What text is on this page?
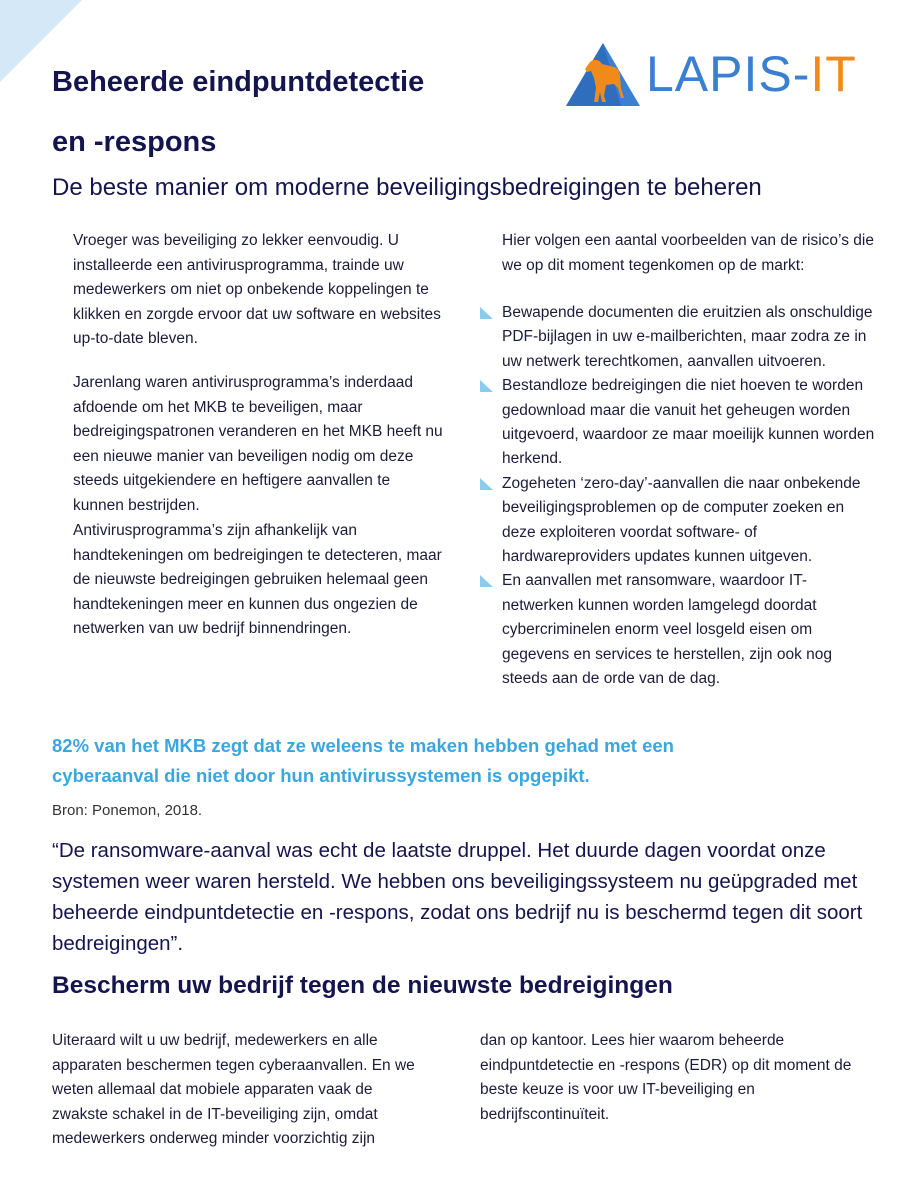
Beheerde eindpuntdetectie
en -respons
LAPIS-IT
De beste manier om moderne beveiligingsbedreigingen te beheren

Vroeger was beveiliging zo lekker eenvoudig. U installeerde een antivirusprogramma, trainde uw medewerkers om niet op onbekende koppelingen te klikken en zorgde ervoor dat uw software en websites up-to-date bleven.

Jarenlang waren antivirusprogramma’s inderdaad afdoende om het MKB te beveiligen, maar bedreigingspatronen veranderen en het MKB heeft nu een nieuwe manier van beveiligen nodig om deze steeds uitgekiendere en heftigere aanvallen te kunnen bestrijden.

Antivirusprogramma’s zijn afhankelijk van handtekeningen om bedreigingen te detecteren, maar de nieuwste bedreigingen gebruiken helemaal geen handtekeningen meer en kunnen dus ongezien de netwerken van uw bedrijf binnendringen.

Hier volgen een aantal voorbeelden van de risico’s die we op dit moment tegenkomen op de markt:

Bewapende documenten die eruitzien als onschuldige PDF-bijlagen in uw e-mailberichten, maar zodra ze in uw netwerk terechtkomen, aanvallen uitvoeren.
Bestandloze bedreigingen die niet hoeven te worden gedownload maar die vanuit het geheugen worden uitgevoerd, waardoor ze maar moeilijk kunnen worden herkend.
Zogeheten ‘zero-day’-aanvallen die naar onbekende beveiligingsproblemen op de computer zoeken en deze exploiteren voordat software- of hardwareproviders updates kunnen uitgeven.
En aanvallen met ransomware, waardoor IT-netwerken kunnen worden lamgelegd doordat cybercriminelen enorm veel losgeld eisen om gegevens en services te herstellen, zijn ook nog steeds aan de orde van de dag.

82% van het MKB zegt dat ze weleens te maken hebben gehad met een
cyberaanval die niet door hun antivirussystemen is opgepikt.

Bron: Ponemon, 2018.

“De ransomware-aanval was echt de laatste druppel. Het duurde dagen voordat onze systemen weer waren hersteld. We hebben ons beveiligingssysteem nu geüpgraded met beheerde eindpuntdetectie en -respons, zodat ons bedrijf nu is beschermd tegen dit soort bedreigingen”.

Bescherm uw bedrijf tegen de nieuwste bedreigingen

Uiteraard wilt u uw bedrijf, medewerkers en alle apparaten beschermen tegen cyberaanvallen. En we weten allemaal dat mobiele apparaten vaak de zwakste schakel in de IT-beveiliging zijn, omdat medewerkers onderweg minder voorzichtig zijn

dan op kantoor. Lees hier waarom beheerde eindpuntdetectie en -respons (EDR) op dit moment de beste keuze is voor uw IT-beveiliging en bedrijfscontinuïteit.
